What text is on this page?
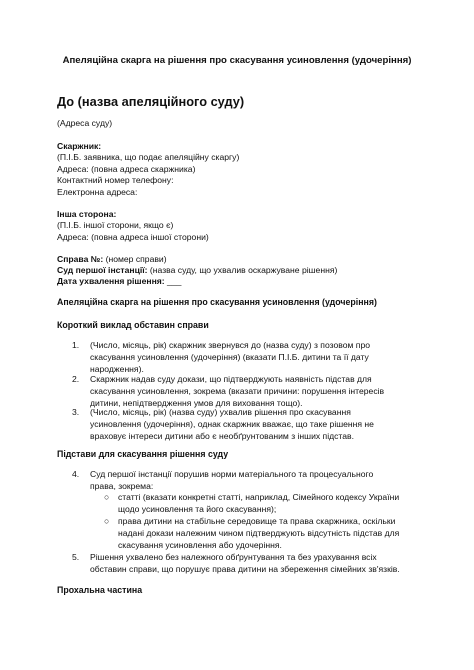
Апеляційна скарга на рішення про скасування усиновлення (удочеріння)
До (назва апеляційного суду)
(Адреса суду)
Скаржник:
(П.І.Б. заявника, що подає апеляційну скаргу)
Адреса: (повна адреса скаржника)
Контактний номер телефону:
Електронна адреса:
Інша сторона:
(П.І.Б. іншої сторони, якщо є)
Адреса: (повна адреса іншої сторони)
Справа №: (номер справи)
Суд першої інстанції: (назва суду, що ухвалив оскаржуване рішення)
Дата ухвалення рішення: ___
Апеляційна скарга на рішення про скасування усиновлення (удочеріння)
Короткий виклад обставин справи
1. (Число, місяць, рік) скаржник звернувся до (назва суду) з позовом про скасування усиновлення (удочеріння) (вказати П.І.Б. дитини та її дату народження).
2. Скаржник надав суду докази, що підтверджують наявність підстав для скасування усиновлення, зокрема (вказати причини: порушення інтересів дитини, непідтвердження умов для виховання тощо).
3. (Число, місяць, рік) (назва суду) ухвалив рішення про скасування усиновлення (удочеріння), однак скаржник вважає, що таке рішення не враховує інтереси дитини або є необґрунтованим з інших підстав.
Підстави для скасування рішення суду
4. Суд першої інстанції порушив норми матеріального та процесуального права, зокрема:
○ статті (вказати конкретні статті, наприклад, Сімейного кодексу України щодо усиновлення та його скасування);
○ права дитини на стабільне середовище та права скаржника, оскільки надані докази належним чином підтверджують відсутність підстав для скасування усиновлення або удочеріння.
5. Рішення ухвалено без належного обґрунтування та без урахування всіх обставин справи, що порушує права дитини на збереження сімейних зв'язків.
Прохальна частина
